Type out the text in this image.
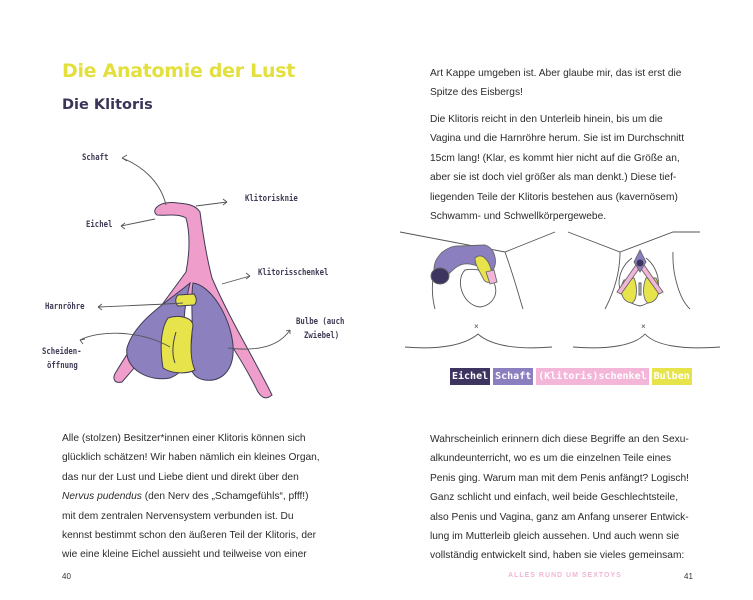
Die Anatomie der Lust
Die Klitoris
×	×
Schaft
Eichel
Klitorisknie
Klitorisschenkel
Harnröhre
Bulbe (auch
Zwiebel)
Scheiden-
öffnung
Alle (stolzen) Besitzer*innen einer Klitoris können sich
glücklich schätzen! Wir haben nämlich ein kleines Organ,
das nur der Lust und Liebe dient und direkt über den
Nervus pudendus (den Nerv des „Schamgefühls“, pfff!)
mit dem zentralen Nervensystem verbunden ist. Du
kennst bestimmt schon den äußeren Teil der Klitoris, der
wie eine kleine Eichel aussieht und teilweise von einer
Art Kappe umgeben ist. Aber glaube mir, das ist erst die
Spitze des Eisbergs!
Die Klitoris reicht in den Unterleib hinein, bis um die
Vagina und die Harnröhre herum. Sie ist im Durchschnitt
15cm lang! (Klar, es kommt hier nicht auf die Größe an,
aber sie ist doch viel größer als man denkt.) Diese tief-
liegenden Teile der Klitoris bestehen aus (kavernösem)
Schwamm- und Schwellkörpergewebe.
Eichel Schaft (Klitoris)schenkel Bulben
Wahrscheinlich erinnern dich diese Begriffe an den Sexu-
alkundeunterricht, wo es um die einzelnen Teile eines
Penis ging. Warum man mit dem Penis anfängt? Logisch!
Ganz schlicht und einfach, weil beide Geschlechtsteile,
also Penis und Vagina, ganz am Anfang unserer Entwick-
lung im Mutterleib gleich aussehen. Und auch wenn sie
vollständig entwickelt sind, haben sie vieles gemeinsam:
40	ALLES RUND UM SEXTOYS	41
